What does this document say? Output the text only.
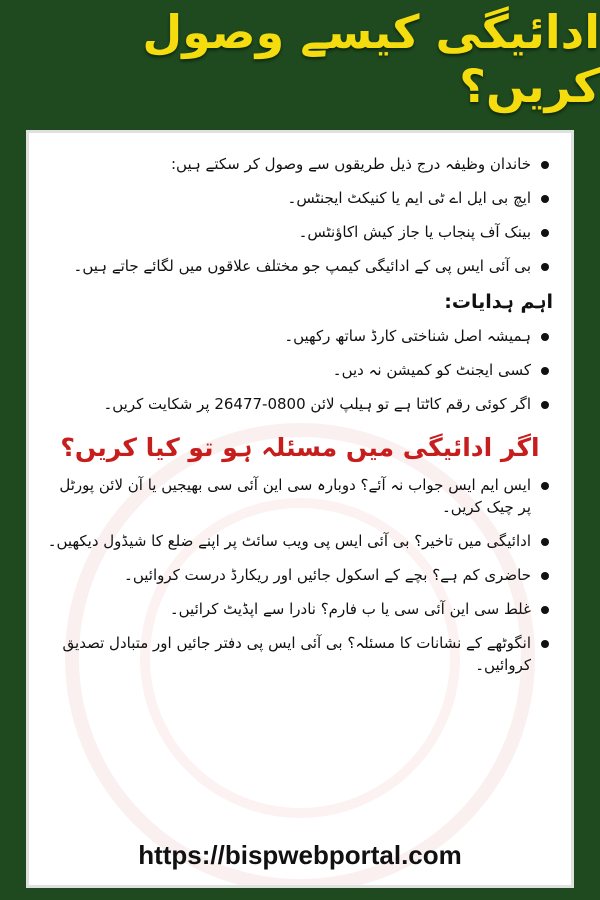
ادائیگی کیسے وصول کریں؟
خاندان وظیفہ درج ذیل طریقوں سے وصول کر سکتے ہیں:
ایچ بی ایل اے ٹی ایم یا کنیکٹ ایجنٹس۔
بینک آف پنجاب یا جاز کیش اکاؤنٹس۔
بی آئی ایس پی کے ادائیگی کیمپ جو مختلف علاقوں میں لگائے جاتے ہیں۔
اہم ہدایات:
ہمیشہ اصل شناختی کارڈ ساتھ رکھیں۔
کسی ایجنٹ کو کمیشن نہ دیں۔
اگر کوئی رقم کاٹتا ہے تو ہیلپ لائن 0800-26477 پر شکایت کریں۔
اگر ادائیگی میں مسئلہ ہو تو کیا کریں؟
ایس ایم ایس جواب نہ آئے؟ دوبارہ سی این آئی سی بھیجیں یا آن لائن پورٹل پر چیک کریں۔
ادائیگی میں تاخیر؟ بی آئی ایس پی ویب سائٹ پر اپنے ضلع کا شیڈول دیکھیں۔
حاضری کم ہے؟ بچے کے اسکول جائیں اور ریکارڈ درست کروائیں۔
غلط سی این آئی سی یا ب فارم؟ نادرا سے اپڈیٹ کرائیں۔
انگوٹھے کے نشانات کا مسئلہ؟ بی آئی ایس پی دفتر جائیں اور متبادل تصدیق کروائیں۔
https://bispwebportal.com
